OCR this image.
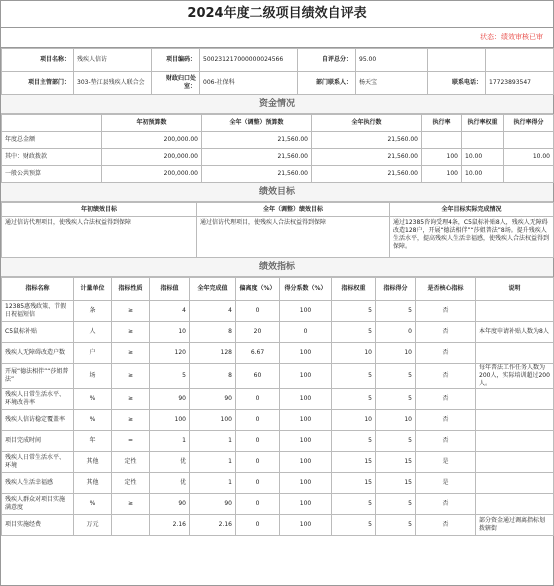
2024年度二级项目绩效自评表
状态：绩效审核已审
项目名称：	残疾人信访	项目编码：	500231217000000024566	自评总分：	95.00		
项目主管部门：	303-垫江县残疾人联合会	财政归口处室：	006-社保科	部门联系人：	杨天宝	联系电话：	17723893547
资金情况
	年初预算数	全年（调整）预算数	全年执行数	执行率	执行率权重	执行率得分
年度总金额	200,000.00	21,560.00	21,560.00			
其中：财政拨款	200,000.00	21,560.00	21,560.00	100	10.00	10.00
一般公共预算	200,000.00	21,560.00	21,560.00	100	10.00	
绩效目标
年初绩效目标	全年（调整）绩效目标	全年目标实际完成情况
通过信访代理项目，使残疾人合法权益得到保障	通过信访代理项目，使残疾人合法权益得到保障	通过12385咨询受理4条，C5鼠标补贴8人，残疾人无障碍改造128户，开展“德法相伴”“莎姐普法”8场。提升残疾人生活水平，提高残疾人生活幸福感，使残疾人合法权益得到保障。
绩效指标
指标名称	计量单位	指标性质	指标值	全年完成值	偏离度（%）	得分系数（%）	指标权重	指标得分	是否核心指标	说明
12385惠残政策、节假日祝福短信	条	≥	4	4	0	100	5	5	否	
C5鼠标补贴	人	≥	10	8	20	0	5	0	否	本年度申请补贴人数为8人
残疾人无障碍改造户数	户	≥	120	128	6.67	100	10	10	否	
开展“德法相伴”“莎姐普法”	场	≥	5	8	60	100	5	5	否	每年普法工作任务人数为200人，实际培训超过200人。
残疾人日常生活水平、环境改善率	%	≥	90	90	0	100	5	5	否	
残疾人信访稳定覆盖率	%	≥	100	100	0	100	10	10	否	
项目完成时间	年	=	1	1	0	100	5	5	否	
残疾人日常生活水平、环境	其他	定性	优	1	0	100	15	15	是	
残疾人生活幸福感	其他	定性	优	1	0	100	15	15	是	
残疾人群众对项目实施满意度	%	≥	90	90	0	100	5	5	否	
项目实施经费	万元		2.16	2.16	0	100	5	5	否	部分资金通过调离指标划拨辖街
